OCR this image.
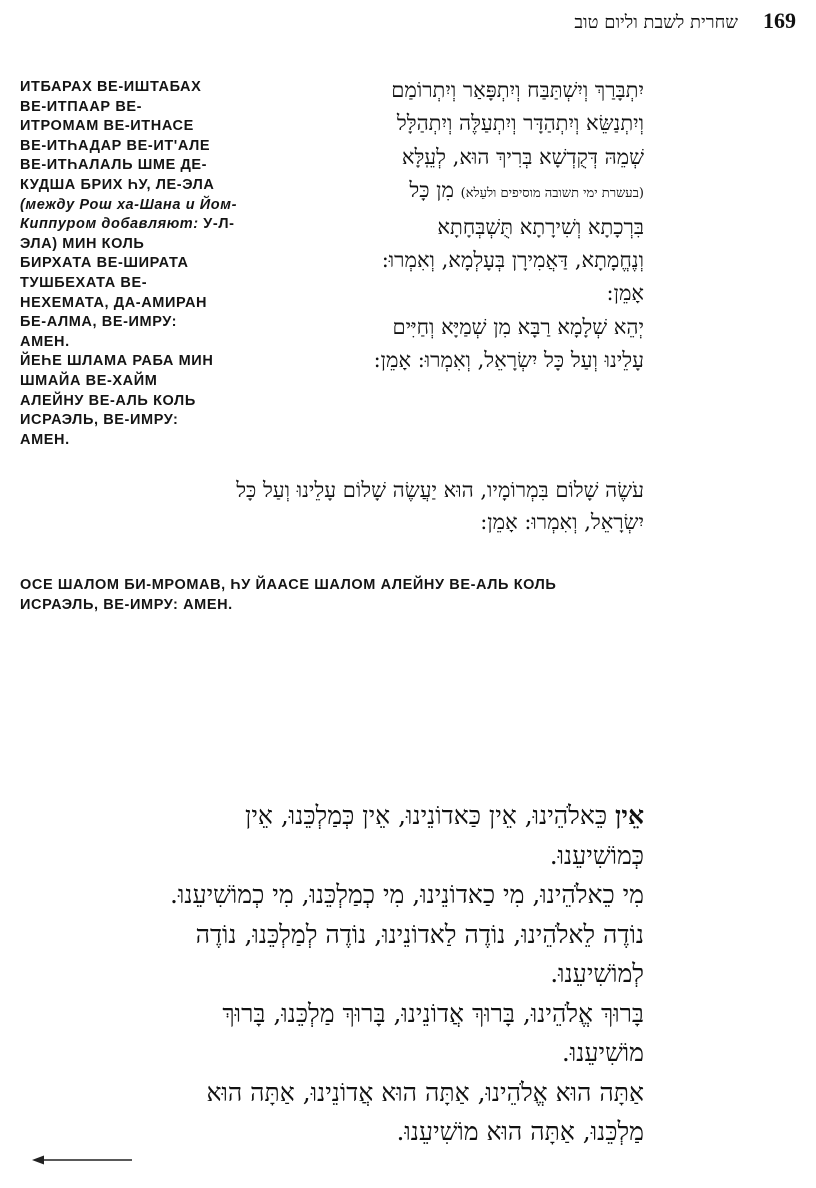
שחרית לשבת וליום טוב 169
ИТБАРАХ ВЕ-ИШТАБАХ
ВЕ-ИТПААР ВЕ-
ИТРОМАМ ВЕ-ИТНАСЕ
ВЕ-ИТҺАДАР ВЕ-ИТ'АЛЕ
ВЕ-ИТҺАЛАЛЬ ШМЕ ДЕ-
КУДША БРИХ ҺУ, ЛЕ-ЭЛА
(между Рош ха-Шана и Йом-
Киппуром добавляют: У-Л-
ЭЛА) МИН КОЛЬ
БИРХАТА ВЕ-ШИРАТА
ТУШБЕХАТА ВЕ-
НЕХЕМАТА, ДА-АМИРАН
БЕ-АЛМА, ВЕ-ИМРУ:
АМЕН.
ЙЕҺЕ ШЛАМА РАБА МИН
ШМАЙА ВЕ-ХАЙМ
АЛЕЙНУ ВЕ-АЛЬ КОЛЬ
ИСРАЭЛЬ, ВЕ-ИМРУ:
АМЕН.
יִתְבָּרַךְ וְיִשְׁתַּבַּח וְיִתְפָּאַר וְיִתְרוֹמַם
וְיִתְנַשֵּׂא וְיִתְהַדָּר וְיִתְעַלֶּה וְיִתְהַלָּל
שְׁמֵהּ דְּקֻדְשָׁא בְּרִיךְ הוּא, לְעֵֽלָּא
(בעשרת ימי תשובה מוסיפים ולעֵלא) מִן כָּל
בִּרְכָתָא וְשִׁירָתָא תֻּשְׁבְּחָתָא
וְנֶחֱמָתָא, דַּאֲמִירָן בְּעָלְמָא, וְאִמְרוּ:
אָמֵן:
יְהֵא שְׁלָמָא רַבָּא מִן שְׁמַיָּא וְחַיִּים
עָלֵינוּ וְעַל כָּל יִשְׂרָאֵל, וְאִמְרוּ: אָמֵן:
עֹשֶׂה שָׁלוֹם בִּמְרוֹמָיו, הוּא יַעֲשֶׂה שָׁלוֹם עָלֵינוּ וְעַל כָּל
יִשְׂרָאֵל, וְאִמְרוּ: אָמֵן:
ОСЕ ШАЛОМ БИ-МРОМАВ, ҺУ ЙААСЕ ШАЛОМ АЛЕЙНУ ВЕ-АЛЬ КОЛЬ
ИСРАЭЛЬ, ВЕ-ИМРУ: АМЕН.
אֵין כֵּאלֹהֵינוּ, אֵין כַּאדוֹנֵינוּ, אֵין כְּמַלְכֵּנוּ, אֵין
כְּמוֹשִׁיעֵנוּ.
מִי כֵאלֹהֵינוּ, מִי כַאדוֹנֵינוּ, מִי כְמַלְכֵּנוּ, מִי כְמוֹשִׁיעֵנוּ.
נוֹדֶה לֵאלֹהֵינוּ, נוֹדֶה לַאדוֹנֵינוּ, נוֹדֶה לְמַלְכֵּנוּ, נוֹדֶה
לְמוֹשִׁיעֵנוּ.
בָּרוּךְ אֱלֹהֵינוּ, בָּרוּךְ אֲדוֹנֵינוּ, בָּרוּךְ מַלְכֵּנוּ, בָּרוּךְ
מוֹשִׁיעֵנוּ.
אַתָּה הוּא אֱלֹהֵינוּ, אַתָּה הוּא אֲדוֹנֵינוּ, אַתָּה הוּא
מַלְכֵּנוּ, אַתָּה הוּא מוֹשִׁיעֵנוּ.
